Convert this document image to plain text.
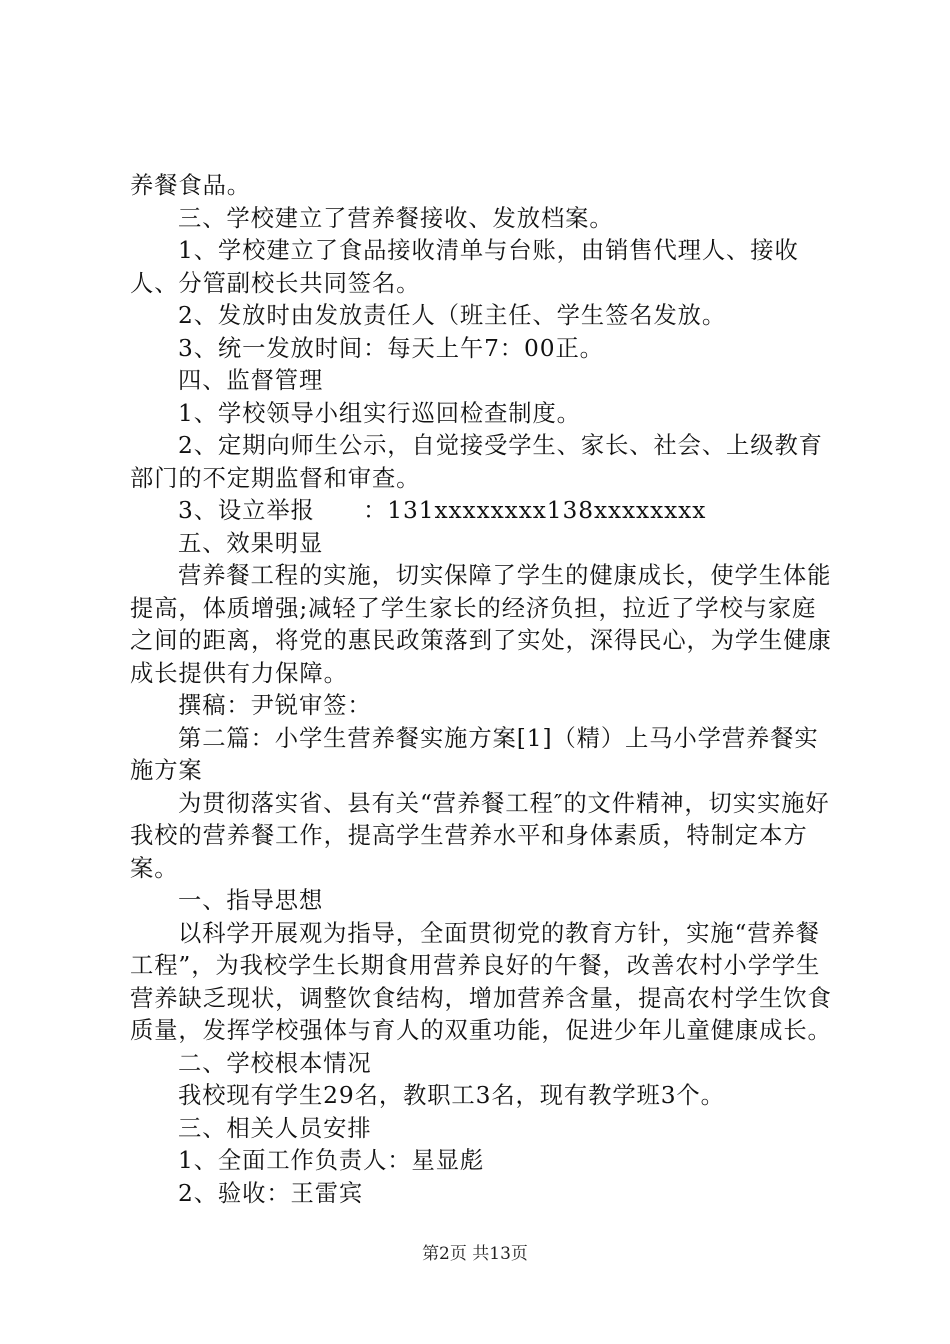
养餐食品。

三、学校建立了营养餐接收、发放档案。

1、学校建立了食品接收清单与台账，由销售代理人、接收人、分管副校长共同签名。

2、发放时由发放责任人（班主任、学生签名发放。

3、统一发放时间：每天上午7：00正。

四、监督管理

1、学校领导小组实行巡回检查制度。

2、定期向师生公示，自觉接受学生、家长、社会、上级教育部门的不定期监督和审查。

3、设立举报　　：131xxxxxxxx138xxxxxxxx

五、效果明显

营养餐工程的实施，切实保障了学生的健康成长，使学生体能提高，体质增强;减轻了学生家长的经济负担，拉近了学校与家庭之间的距离，将党的惠民政策落到了实处，深得民心，为学生健康成长提供有力保障。

撰稿：尹锐审签：

第二篇：小学生营养餐实施方案[1]（精）上马小学营养餐实施方案

为贯彻落实省、县有关“营养餐工程″的文件精神，切实实施好我校的营养餐工作，提高学生营养水平和身体素质，特制定本方案。

一、指导思想

以科学开展观为指导，全面贯彻党的教育方针，实施“营养餐工程”，为我校学生长期食用营养良好的午餐，改善农村小学学生营养缺乏现状，调整饮食结构，增加营养含量，提高农村学生饮食质量，发挥学校强体与育人的双重功能，促进少年儿童健康成长。

二、学校根本情况

我校现有学生29名，教职工3名，现有教学班3个。

三、相关人员安排

1、全面工作负责人：星显彪

2、验收：王雷宾

第2页 共13页
